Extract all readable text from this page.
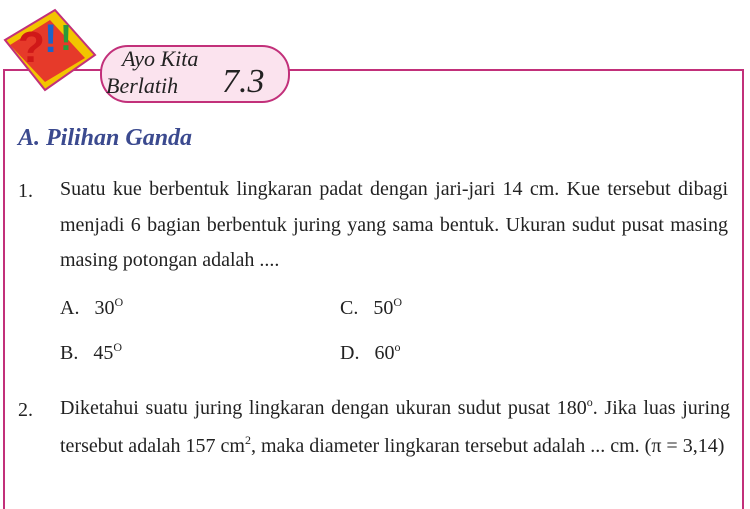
? ! !
Ayo Kita
Berlatih 7.3
A. Pilihan Ganda
1. Suatu kue berbentuk lingkaran padat dengan jari-jari 14 cm. Kue tersebut dibagi menjadi 6 bagian berbentuk juring yang sama bentuk. Ukuran sudut pusat masing masing potongan adalah ....
A. $30^O$	C. $50^O$
B. $45^O$	D. 60$^o$
2. Diketahui suatu juring lingkaran dengan ukuran sudut pusat 180$^o$. Jika luas juring tersebut adalah 157 $cm^2$, maka diameter lingkaran tersebut adalah ... cm. (π = 3,14)
